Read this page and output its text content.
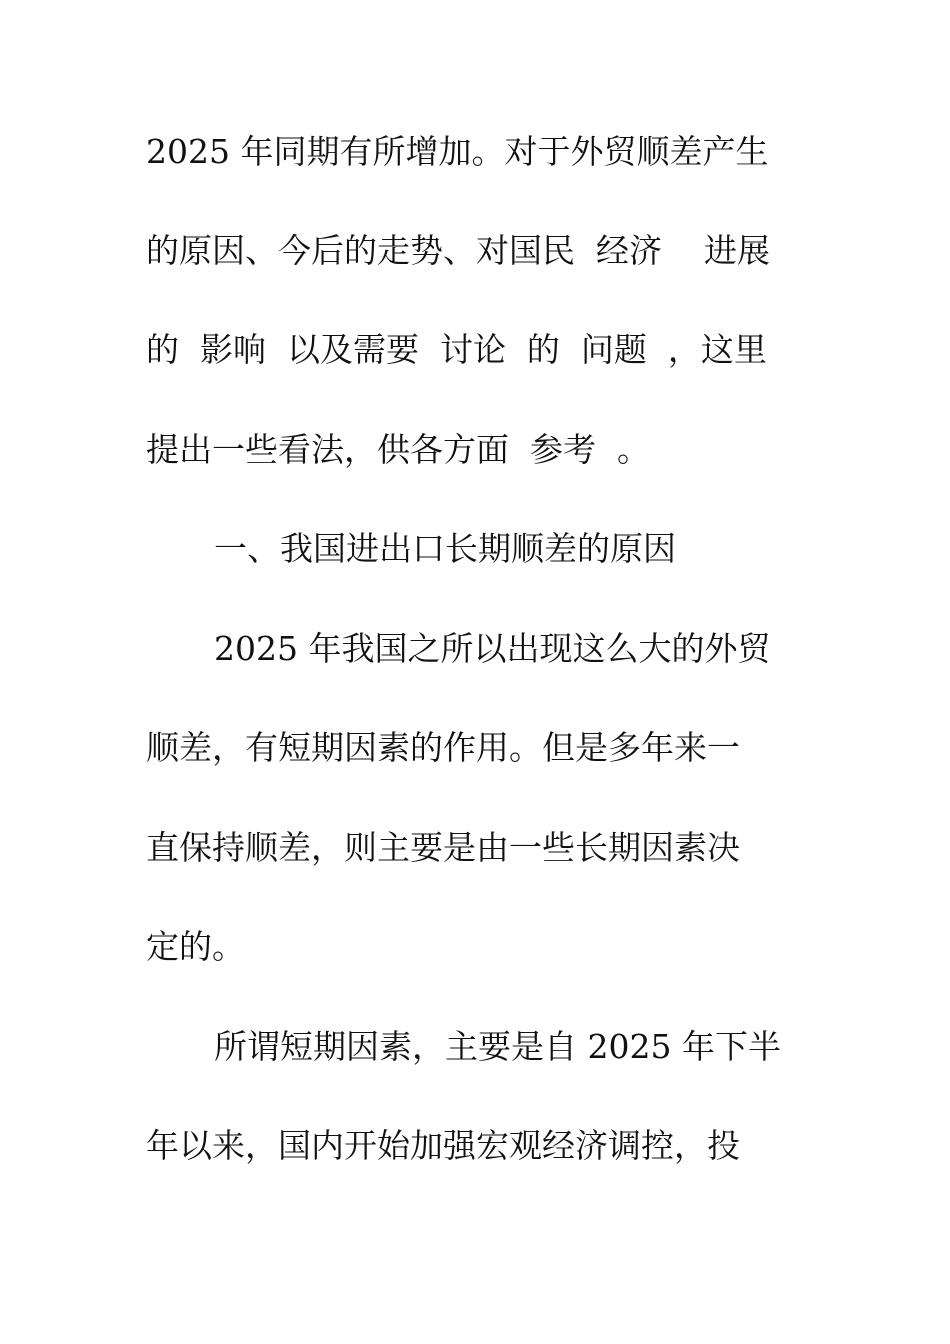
2025 年同期有所增加。对于外贸顺差产生
的原因、今后的走势、对国民  经济    进展
的  影响  以及需要  讨论  的  问题  ，这里
提出一些看法，供各方面  参考  。
一、我国进出口长期顺差的原因
2025 年我国之所以出现这么大的外贸
顺差，有短期因素的作用。但是多年来一
直保持顺差，则主要是由一些长期因素决
定的。
所谓短期因素，主要是自 2025 年下半
年以来，国内开始加强宏观经济调控，投
